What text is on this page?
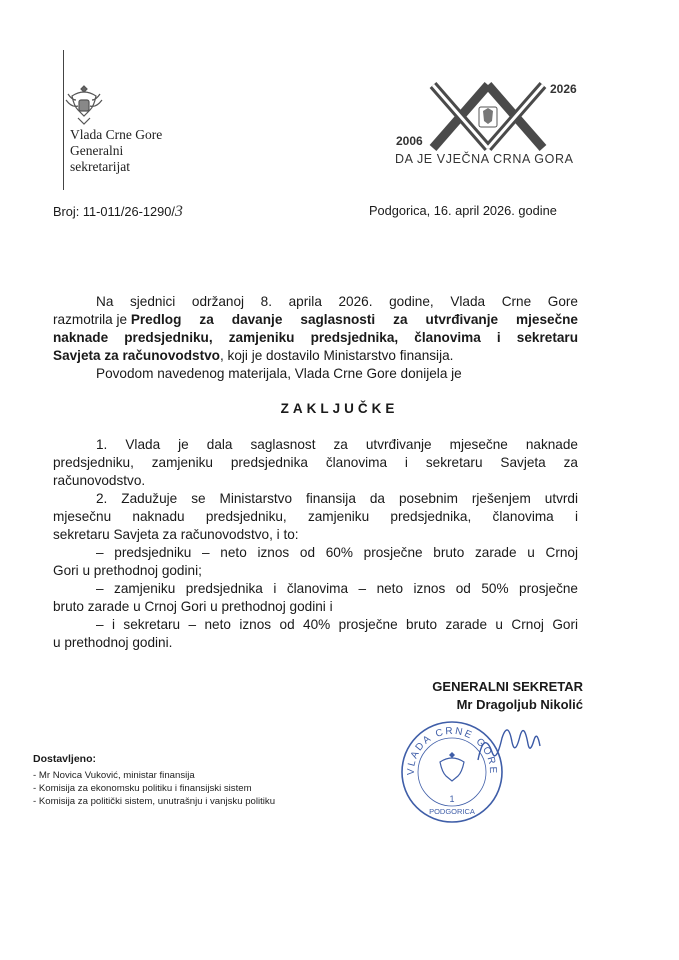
Vlada Crne Gore
Generalni
sekretarijat
2006
2026
DA JE VJEČNA CRNA GORA
Broj: 11-011/26-1290/3	Podgorica, 16. april 2026. godine
Na sjednici održanoj 8. aprila 2026. godine, Vlada Crne Gore
razmotrila je Predlog za davanje saglasnosti za utvrđivanje mjesečne
naknade predsjedniku, zamjeniku predsjednika, članovima i sekretaru
Savjeta za računovodstvo, koji je dostavilo Ministarstvo finansija.
Povodom navedenog materijala, Vlada Crne Gore donijela je
ZAKLJUČKE
1. Vlada je dala saglasnost za utvrđivanje mjesečne naknade
predsjedniku, zamjeniku predsjednika članovima i sekretaru Savjeta za
računovodstvo.
2. Zadužuje se Ministarstvo finansija da posebnim rješenjem utvrdi
mjesečnu naknadu predsjedniku, zamjeniku predsjednika, članovima i
sekretaru Savjeta za računovodstvo, i to:
– predsjedniku – neto iznos od 60% prosječne bruto zarade u Crnoj
Gori u prethodnoj godini;
– zamjeniku predsjednika i članovima – neto iznos od 50% prosječne
bruto zarade u Crnoj Gori u prethodnoj godini i
– i sekretaru – neto iznos od 40% prosječne bruto zarade u Crnoj Gori
u prethodnoj godini.
GENERALNI SEKRETAR
Mr Dragoljub Nikolić
VLADA CRNE GORE
1
PODGORICA
Dostavljeno:
- Mr Novica Vuković, ministar finansija
- Komisija za ekonomsku politiku i finansijski sistem
- Komisija za politički sistem, unutrašnju i vanjsku politiku
